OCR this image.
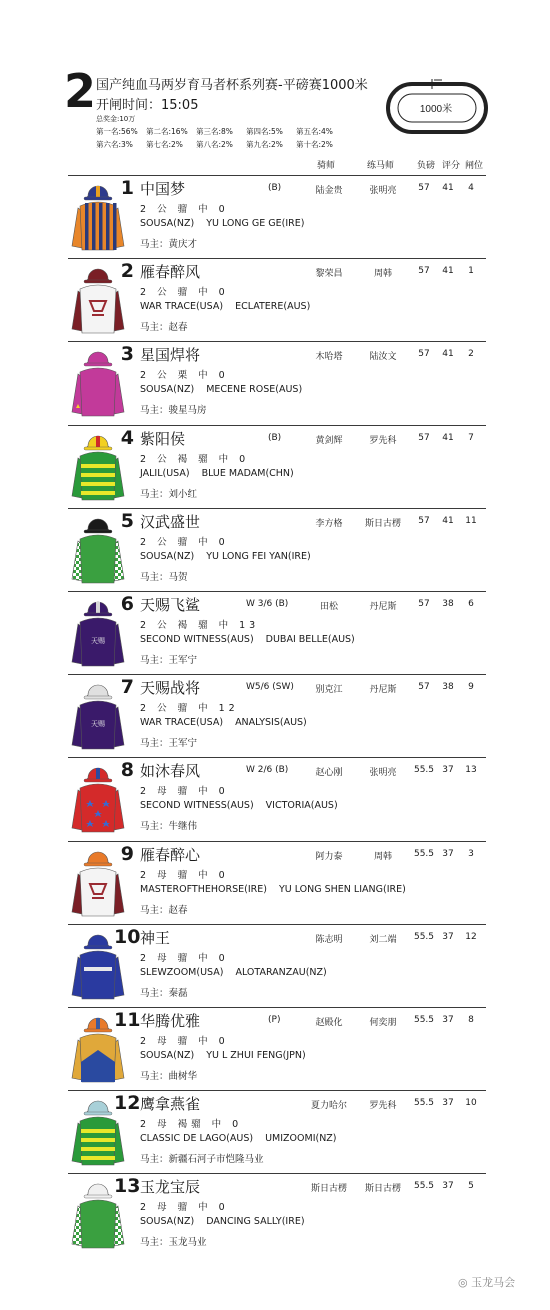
2 国产纯血马两岁育马者杯系列赛-平磅赛1000米
开闸时间：15:05
总奖金:10万
第一名:56% 第二名:16% 第三名:8% 第四名:5% 第五名:4%第六名:3% 第七名:2% 第八名:2% 第九名:2% 第十名:2%
1000米
骑师	练马师	负磅 评分 闸位
1 中国梦	(B)	陆金贵	张明亮	57	41	4
2 公 骝 中 0
SOUSA(NZ) YU LONG GE GE(IRE)
马主：黄庆才
2 雁春醉风	黎荣昌	周韩	57	41	1
2 公 骝 中 0
WAR TRACE(USA) ECLATERE(AUS)
马主：赵春
3 星国焊将	木哈塔	陆汝文	57	41	2
2 公 栗 中 0
SOUSA(NZ) MECENE ROSE(AUS)
马主：骏星马房
4 紫阳侯	(B)	黄剑辉	罗先科	57	41	7
2 公 褐 骝 中 0
JALIL(USA) BLUE MADAM(CHN)
马主：刘小红
5 汉武盛世	李方格	斯日古楞	57	41	11
2 公 骝 中 0
SOUSA(NZ) YU LONG FEI YAN(IRE)
马主：马贺
天赐
6 天赐飞鲨	W 3/6 (B)	田松	丹尼斯	57	38	6
2 公 褐 骝 中 13
SECOND WITNESS(AUS) DUBAI BELLE(AUS)
马主：王军宁
天赐
7 天赐战将	W5/6 (SW)	别克江	丹尼斯	57	38	9
2 公 骝 中 12
WAR TRACE(USA) ANALYSIS(AUS)
马主：王军宁
8 如沐春风	W 2/6 (B)	赵心刚	张明亮	55.5 37	13
2 母 骝 中 0
SECOND WITNESS(AUS) VICTORIA(AUS)
马主：牛继伟
9 雁春醉心	阿力泰	周韩	55.5 37	3
2 母 骝 中 0
MASTEROFTHEHORSE(IRE) YU LONG SHEN LIANG(IRE)
马主：赵春
10 神王	陈志明	刘二端	55.5 37	12
2 母 骝 中 0
SLEWZOOM(USA) ALOTARANZAU(NZ)
马主：秦磊
11 华腾优雅	(P)	赵殿化	何奕朋	55.5 37	8
2 母 骝 中 0
SOUSA(NZ) YU L ZHUI FENG(JPN)
马主：曲树华
12 鹰拿燕雀	夏力哈尔	罗先科	55.5 37	10
2 母 褐骝 中 0
CLASSIC DE LAGO(AUS) UMIZOOMI(NZ)
马主：新疆石河子市恺隆马业
13 玉龙宝辰	斯日古楞	斯日古楞	55.5 37	5
2 母 骝 中 0
SOUSA(NZ) DANCING SALLY(IRE)
马主：玉龙马业
◎ 玉龙马会
